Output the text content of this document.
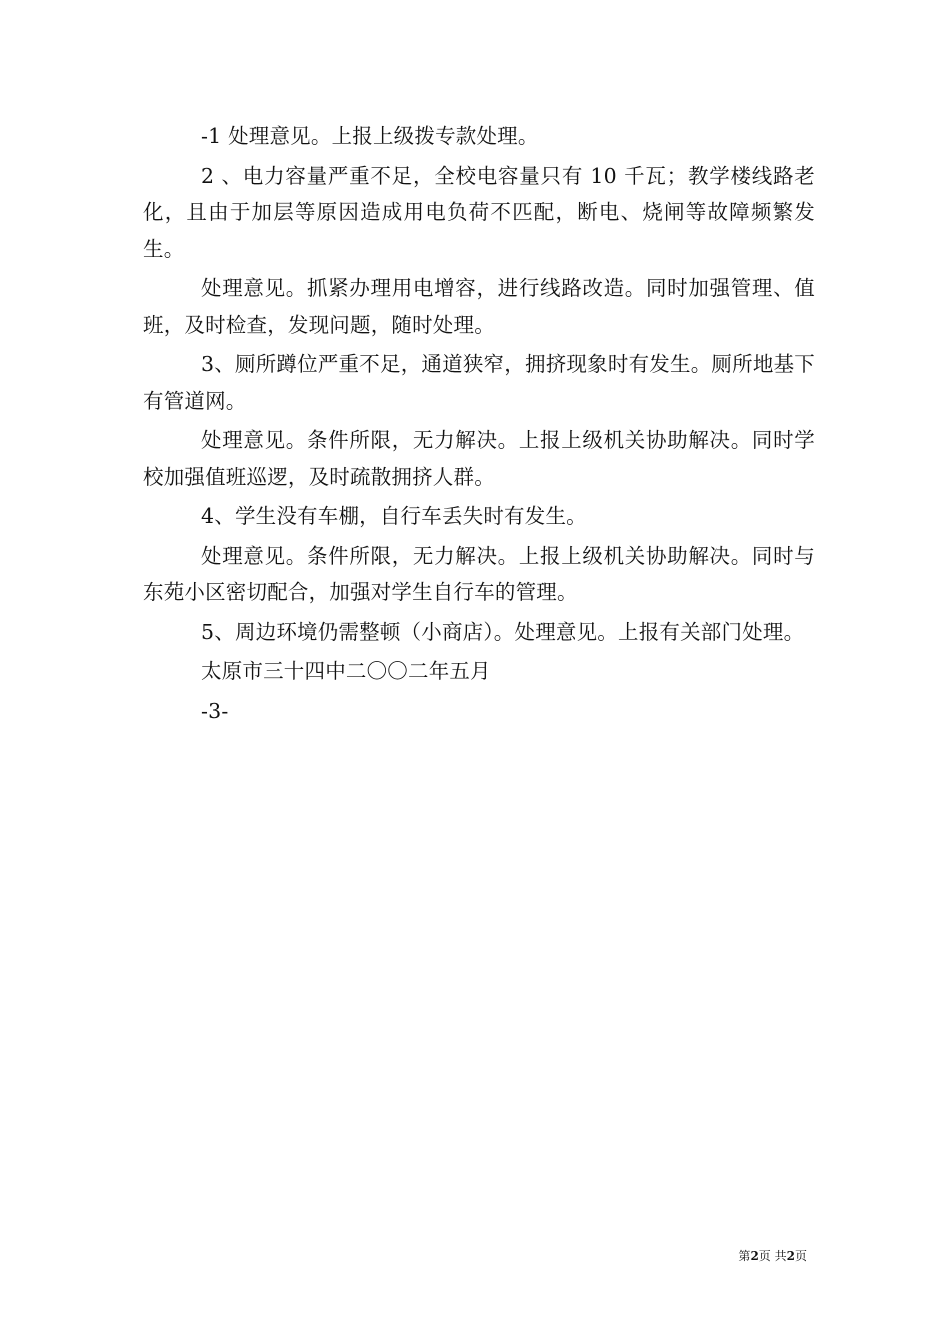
-1 处理意见。上报上级拨专款处理。

2 、电力容量严重不足，全校电容量只有 10 千瓦；教学楼线路老化，且由于加层等原因造成用电负荷不匹配，断电、烧闸等故障频繁发生。

处理意见。抓紧办理用电增容，进行线路改造。同时加强管理、值班，及时检查，发现问题，随时处理。

3、厕所蹲位严重不足，通道狭窄，拥挤现象时有发生。厕所地基下有管道网。

处理意见。条件所限，无力解决。上报上级机关协助解决。同时学校加强值班巡逻，及时疏散拥挤人群。

4、学生没有车棚，自行车丢失时有发生。

处理意见。条件所限，无力解决。上报上级机关协助解决。同时与东苑小区密切配合，加强对学生自行车的管理。

5、周边环境仍需整顿（小商店）。处理意见。上报有关部门处理。

太原市三十四中二〇〇二年五月

-3-

第2页 共2页
